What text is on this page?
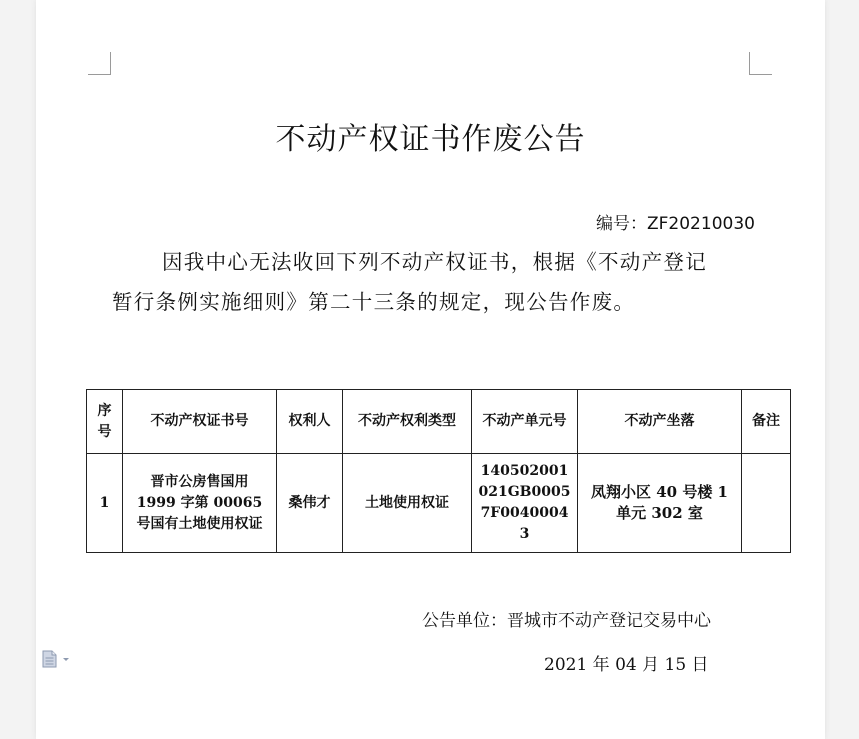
不动产权证书作废公告
编号：ZF20210030
因我中心无法收回下列不动产权证书，根据《不动产登记
暂行条例实施细则》第二十三条的规定，现公告作废。
序号	不动产权证书号	权利人	不动产权利类型	不动产单元号	不动产坐落	备注
1	晋市公房售国用 1999 字第 00065 号国有土地使用权证	桑伟才	土地使用权证	140502001021GB00057F00400043	凤翔小区 40 号楼 1 单元 302 室	
公告单位：晋城市不动产登记交易中心
2021 年 04 月 15 日
